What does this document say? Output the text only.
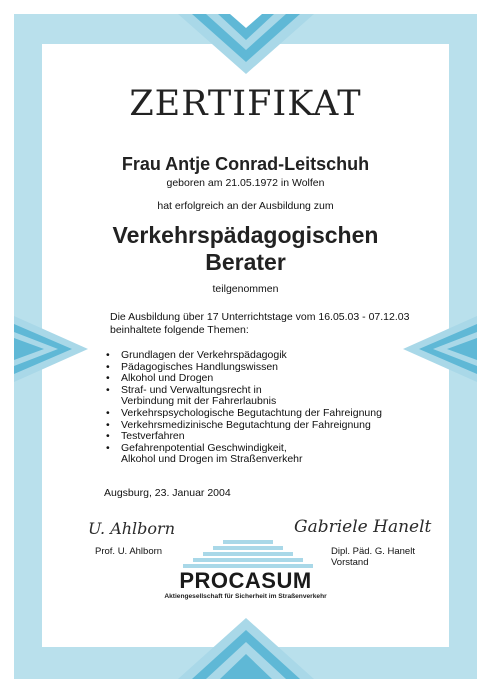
ZERTIFIKAT
Frau Antje Conrad-Leitschuh
geboren am 21.05.1972 in Wolfen
hat erfolgreich an der Ausbildung zum
Verkehrspädagogischen
Berater
teilgenommen
Die Ausbildung über 17 Unterrichtstage vom 16.05.03 - 07.12.03
beinhaltete folgende Themen:
• Grundlagen der Verkehrspädagogik
• Pädagogisches Handlungswissen
• Alkohol und Drogen
• Straf- und Verwaltungsrecht in
Verbindung mit der Fahrerlaubnis
• Verkehrspsychologische Begutachtung der Fahreignung
• Verkehrsmedizinische Begutachtung der Fahreignung
• Testverfahren
• Gefahrenpotential Geschwindigkeit,
Alkohol und Drogen im Straßenverkehr
Augsburg, 23. Januar 2004
U. Ahlborn	Gabriele Hanelt
Prof. U. Ahlborn	Dipl. Päd. G. Hanelt
Vorstand
PROCASUM
Aktiengesellschaft für Sicherheit im Straßenverkehr
